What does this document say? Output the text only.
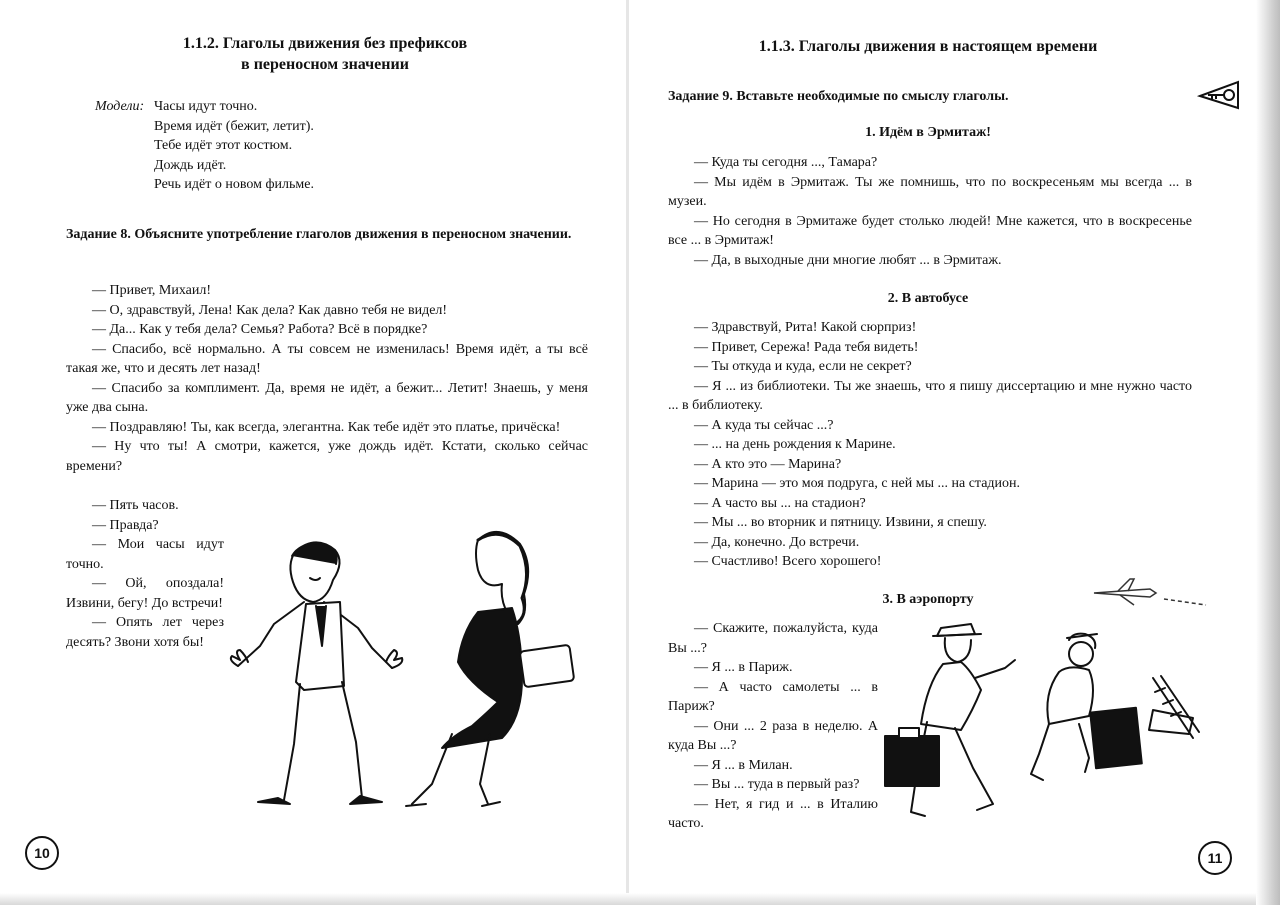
1.1.2. Глаголы движения без префиксов
в переносном значении
Модели: Часы идут точно.
Время идёт (бежит, летит).
Тебе идёт этот костюм.
Дождь идёт.
Речь идёт о новом фильме.
Задание 8. Объясните употребление глаголов движения в переносном значении.
— Привет, Михаил!
— О, здравствуй, Лена! Как дела? Как давно тебя не видел!
— Да... Как у тебя дела? Семья? Работа? Всё в порядке?
— Спасибо, всё нормально. А ты совсем не изменилась! Время идёт, а ты всё такая же, что и десять лет назад!
— Спасибо за комплимент. Да, время не идёт, а бежит... Летит! Знаешь, у меня уже два сына.
— Поздравляю! Ты, как всегда, элегантна. Как тебе идёт это платье, причёска!
— Ну что ты! А смотри, кажется, уже дождь идёт. Кстати, сколько сейчас времени?
— Пять часов.
— Правда?
— Мои часы идут точно.
— Ой, опоздала! Извини, бегу! До встречи!
— Опять лет через десять? Звони хотя бы!
10
1.1.3. Глаголы движения в настоящем времени
Задание 9. Вставьте необходимые по смыслу глаголы.
1. Идём в Эрмитаж!
— Куда ты сегодня ..., Тамара?
— Мы идём в Эрмитаж. Ты же помнишь, что по воскресеньям мы всегда ... в музеи.
— Но сегодня в Эрмитаже будет столько людей! Мне кажется, что в воскресенье все ... в Эрмитаж!
— Да, в выходные дни многие любят ... в Эрмитаж.
2. В автобусе
— Здравствуй, Рита! Какой сюрприз!
— Привет, Сережа! Рада тебя видеть!
— Ты откуда и куда, если не секрет?
— Я ... из библиотеки. Ты же знаешь, что я пишу диссертацию и мне нужно часто ... в библиотеку.
— А куда ты сейчас ...?
— ... на день рождения к Марине.
— А кто это — Марина?
— Марина — это моя подруга, с ней мы ... на стадион.
— А часто вы ... на стадион?
— Мы ... во вторник и пятницу. Извини, я спешу.
— Да, конечно. До встречи.
— Счастливо! Всего хорошего!
3. В аэропорту
— Скажите, пожалуйста, куда Вы ...?
— Я ... в Париж.
— А часто самолеты ... в Париж?
— Они ... 2 раза в неделю. А куда Вы ...?
— Я ... в Милан.
— Вы ... туда в первый раз?
— Нет, я гид и ... в Италию часто.
11
